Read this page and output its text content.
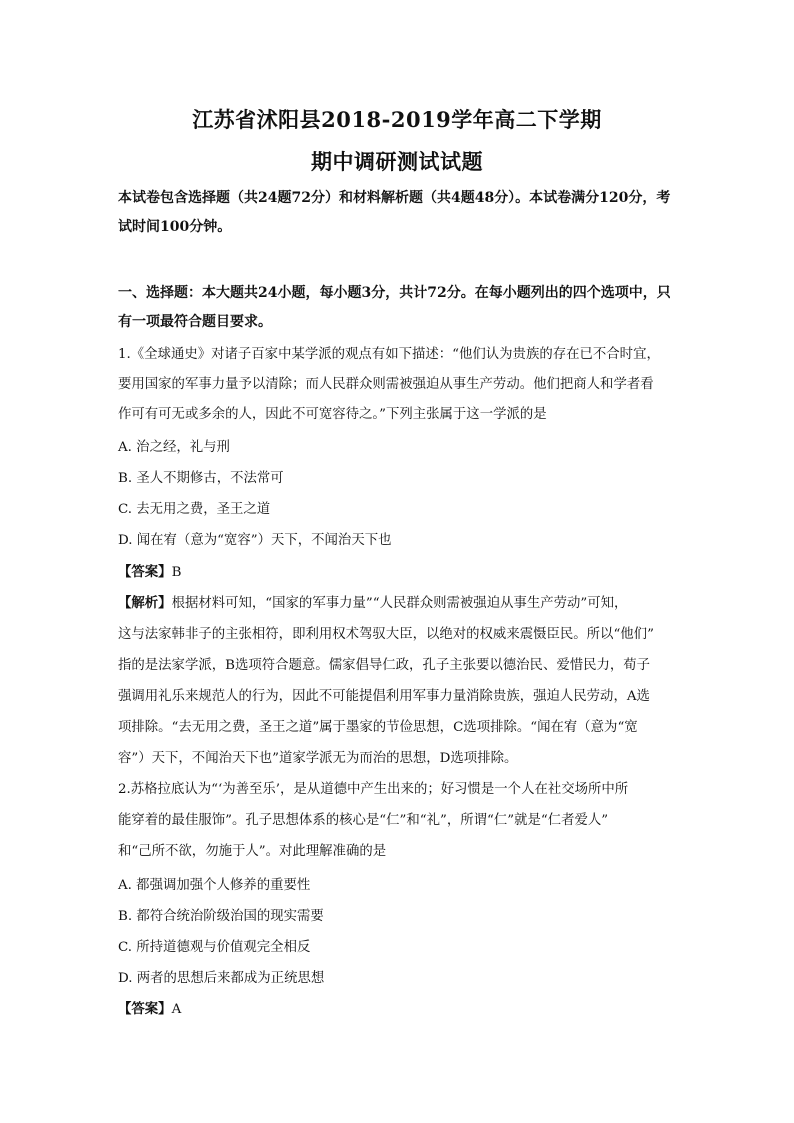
江苏省沭阳县2018-2019学年高二下学期
期中调研测试试题
本试卷包含选择题（共24题72分）和材料解析题（共4题48分）。本试卷满分120分，考试时间100分钟。
一、选择题：本大题共24小题，每小题3分，共计72分。在每小题列出的四个选项中，只有一项最符合题目要求。
1.《全球通史》对诸子百家中某学派的观点有如下描述：“他们认为贵族的存在已不合时宜，
要用国家的军事力量予以清除；而人民群众则需被强迫从事生产劳动。他们把商人和学者看
作可有可无或多余的人，因此不可宽容待之。”下列主张属于这一学派的是
A. 治之经，礼与刑
B. 圣人不期修古，不法常可
C. 去无用之费，圣王之道
D. 闻在宥（意为“宽容”）天下，不闻治天下也
【答案】B
【解析】根据材料可知，“国家的军事力量”“人民群众则需被强迫从事生产劳动”可知，
这与法家韩非子的主张相符，即利用权术驾驭大臣，以绝对的权威来震慑臣民。所以“他们”
指的是法家学派，B选项符合题意。儒家倡导仁政，孔子主张要以德治民、爱惜民力，荀子
强调用礼乐来规范人的行为，因此不可能提倡利用军事力量消除贵族，强迫人民劳动，A选
项排除。“去无用之费，圣王之道”属于墨家的节俭思想，C选项排除。“闻在宥（意为“宽
容”）天下，不闻治天下也”道家学派无为而治的思想，D选项排除。
2.苏格拉底认为“‘为善至乐’，是从道德中产生出来的；好习惯是一个人在社交场所中所
能穿着的最佳服饰”。孔子思想体系的核心是“仁”和“礼”，所谓“仁”就是“仁者爱人”
和“己所不欲，勿施于人”。对此理解准确的是
A. 都强调加强个人修养的重要性
B. 都符合统治阶级治国的现实需要
C. 所持道德观与价值观完全相反
D. 两者的思想后来都成为正统思想
【答案】A
